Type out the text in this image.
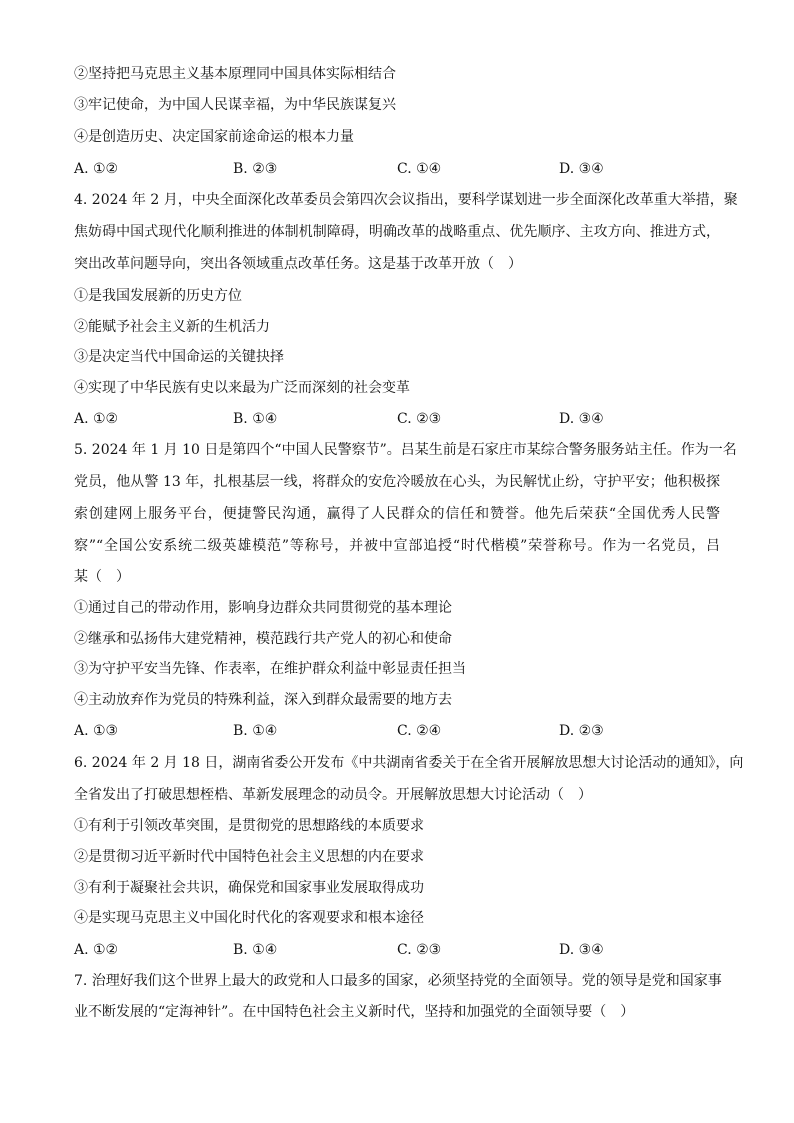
②坚持把马克思主义基本原理同中国具体实际相结合
③牢记使命，为中国人民谋幸福，为中华民族谋复兴
④是创造历史、决定国家前途命运的根本力量
A. ①②	B. ②③	C. ①④	D. ③④
4. 2024 年 2 月，中央全面深化改革委员会第四次会议指出，要科学谋划进一步全面深化改革重大举措，聚
焦妨碍中国式现代化顺利推进的体制机制障碍，明确改革的战略重点、优先顺序、主攻方向、推进方式，
突出改革问题导向，突出各领域重点改革任务。这是基于改革开放（　）
①是我国发展新的历史方位
②能赋予社会主义新的生机活力
③是决定当代中国命运的关键抉择
④实现了中华民族有史以来最为广泛而深刻的社会变革
A. ①②	B. ①④	C. ②③	D. ③④
5. 2024 年 1 月 10 日是第四个“中国人民警察节”。吕某生前是石家庄市某综合警务服务站主任。作为一名
党员，他从警 13 年，扎根基层一线，将群众的安危冷暖放在心头，为民解忧止纷，守护平安；他积极探
索创建网上服务平台，便捷警民沟通，赢得了人民群众的信任和赞誉。他先后荣获“全国优秀人民警
察”“全国公安系统二级英雄模范”等称号，并被中宣部追授“时代楷模”荣誉称号。作为一名党员，吕
某（　）
①通过自己的带动作用，影响身边群众共同贯彻党的基本理论
②继承和弘扬伟大建党精神，模范践行共产党人的初心和使命
③为守护平安当先锋、作表率，在维护群众利益中彰显责任担当
④主动放弃作为党员的特殊利益，深入到群众最需要的地方去
A. ①③	B. ①④	C. ②④	D. ②③
6. 2024 年 2 月 18 日，湖南省委公开发布《中共湖南省委关于在全省开展解放思想大讨论活动的通知》，向
全省发出了打破思想桎梏、革新发展理念的动员令。开展解放思想大讨论活动（　）
①有利于引领改革突围，是贯彻党的思想路线的本质要求
②是贯彻习近平新时代中国特色社会主义思想的内在要求
③有利于凝聚社会共识，确保党和国家事业发展取得成功
④是实现马克思主义中国化时代化的客观要求和根本途径
A. ①②	B. ①④	C. ②③	D. ③④
7. 治理好我们这个世界上最大的政党和人口最多的国家，必须坚持党的全面领导。党的领导是党和国家事
业不断发展的“定海神针”。在中国特色社会主义新时代，坚持和加强党的全面领导要（　）
